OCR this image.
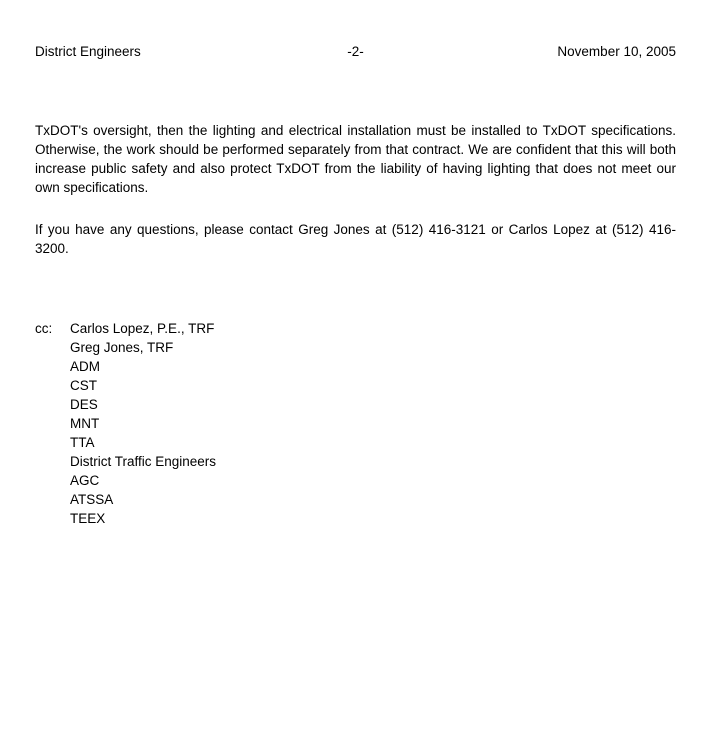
District Engineers	-2-	November 10, 2005

TxDOT's oversight, then the lighting and electrical installation must be installed to TxDOT specifications. Otherwise, the work should be performed separately from that contract. We are confident that this will both increase public safety and also protect TxDOT from the liability of having lighting that does not meet our own specifications.

If you have any questions, please contact Greg Jones at (512) 416-3121 or Carlos Lopez at (512) 416-3200.

cc:	Carlos Lopez, P.E., TRF
Greg Jones, TRF
ADM
CST
DES
MNT
TTA
District Traffic Engineers
AGC
ATSSA
TEEX
